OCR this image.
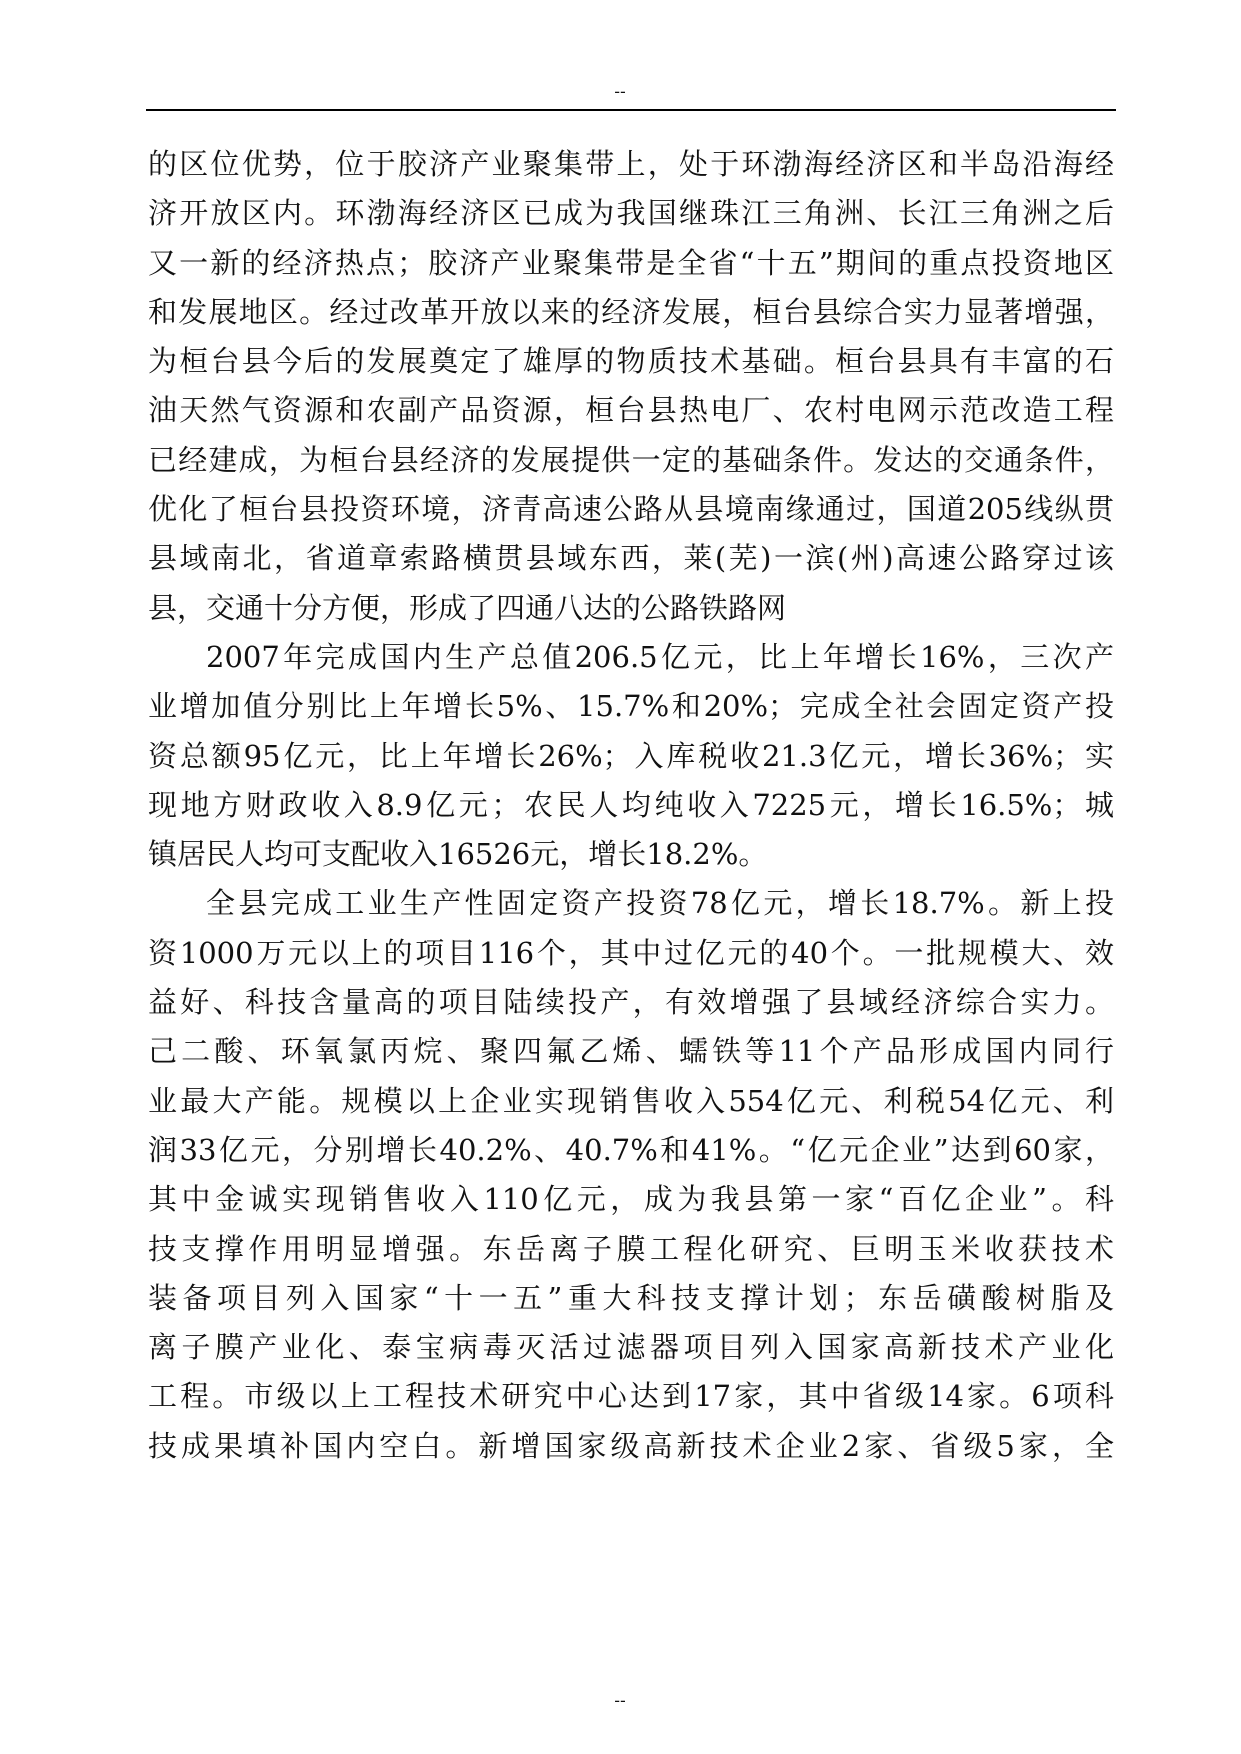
--
的区位优势，位于胶济产业聚集带上，处于环渤海经济区和半岛沿海经
济开放区内。环渤海经济区已成为我国继珠江三角洲、长江三角洲之后
又一新的经济热点；胶济产业聚集带是全省“十五”期间的重点投资地区
和发展地区。经过改革开放以来的经济发展，桓台县综合实力显著增强，
为桓台县今后的发展奠定了雄厚的物质技术基础。桓台县具有丰富的石
油天然气资源和农副产品资源，桓台县热电厂、农村电网示范改造工程
已经建成，为桓台县经济的发展提供一定的基础条件。发达的交通条件，
优化了桓台县投资环境，济青高速公路从县境南缘通过，国道205线纵贯
县域南北，省道章索路横贯县域东西，莱(芜)一滨(州)高速公路穿过该
县，交通十分方便，形成了四通八达的公路铁路网
2007年完成国内生产总值206.5亿元，比上年增长16%，三次产
业增加值分别比上年增长5%、15.7%和20%；完成全社会固定资产投
资总额95亿元，比上年增长26%；入库税收21.3亿元，增长36%；实
现地方财政收入8.9亿元；农民人均纯收入7225元，增长16.5%；城
镇居民人均可支配收入16526元，增长18.2%。
全县完成工业生产性固定资产投资78亿元，增长18.7%。新上投
资1000万元以上的项目116个，其中过亿元的40个。一批规模大、效
益好、科技含量高的项目陆续投产，有效增强了县域经济综合实力。
己二酸、环氧氯丙烷、聚四氟乙烯、蠕铁等11个产品形成国内同行
业最大产能。规模以上企业实现销售收入554亿元、利税54亿元、利
润33亿元，分别增长40.2%、40.7%和41%。“亿元企业”达到60家，
其中金诚实现销售收入110亿元，成为我县第一家“百亿企业”。科
技支撑作用明显增强。东岳离子膜工程化研究、巨明玉米收获技术
装备项目列入国家“十一五”重大科技支撑计划；东岳磺酸树脂及
离子膜产业化、泰宝病毒灭活过滤器项目列入国家高新技术产业化
工程。市级以上工程技术研究中心达到17家，其中省级14家。6项科
技成果填补国内空白。新增国家级高新技术企业2家、省级5家，全
--
